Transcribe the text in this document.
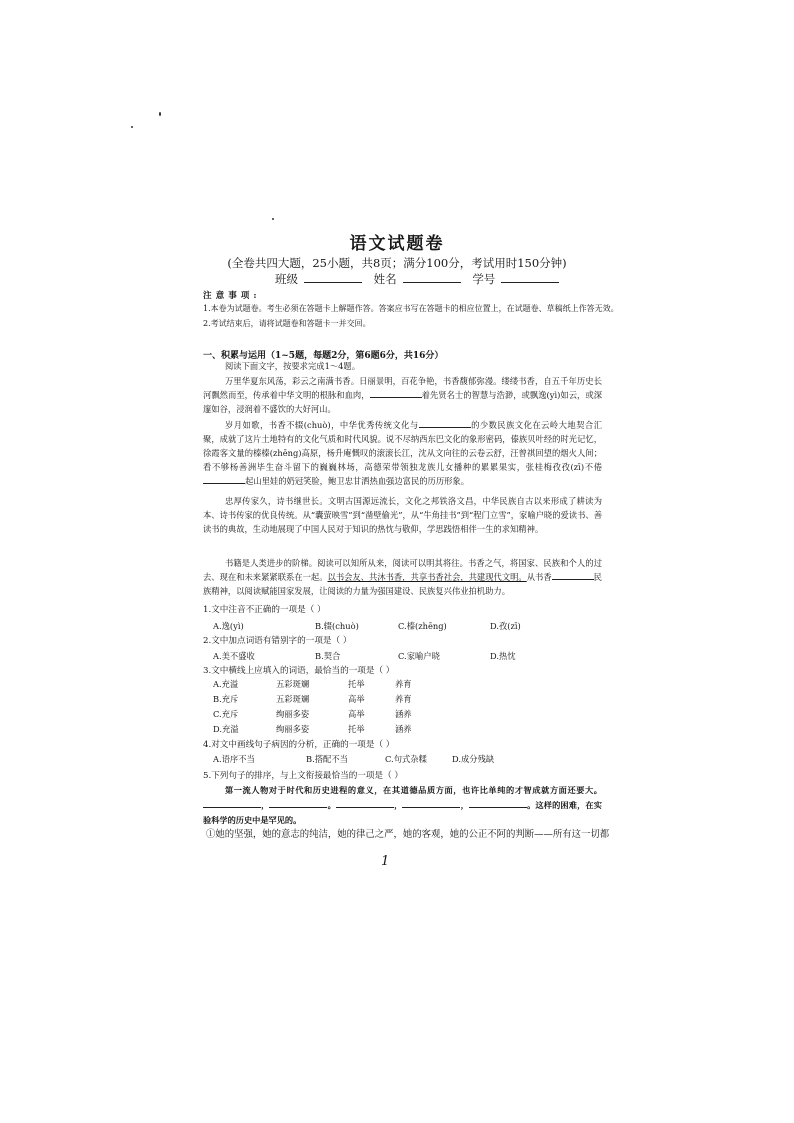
语文试题卷
(全卷共四大题，25小题，共8页；满分100分，考试用时150分钟)
班级	姓名	学号
注意事项:
1.本卷为试题卷。考生必须在答题卡上解题作答。答案应书写在答题卡的相应位置上，在试题卷、草稿纸上作答无效。
2.考试结束后，请将试题卷和答题卡一并交回。
一、积累与运用（1~5题，每题2分，第6题6分，共16分）
阅读下面文字，按要求完成1～4题。
万里华夏东风荡，彩云之南满书香。日丽景明，百花争艳，书香馥郁弥漫。缕缕书香，自五千年历史长河飘然而至，传承着中华文明的根脉和血肉，	着先贤名士的智慧与浩渺，或飘逸(yì)如云，或深邃如谷，浸润着不盛饮的大好河山。
岁月如歌，书香不辍(chuò)，中华优秀传统文化与	的少数民族文化在云岭大地契合汇聚，成就了这片土地特有的文化气质和时代风貌。说不尽纳西东巴文化的象形密码，傣族贝叶经的时光记忆，徐霞客文量的榛榛(zhēng)高原，杨升庵慨叹的滚滚长江，沈从文向往的云卷云舒，汪曾祺回望的烟火人间；看不够杨善洲毕生奋斗留下的巍巍林场，高德荣带领独龙族儿女播种的累累果实，张桂梅孜孜(zī)不倦起山里娃的奶冠笑脸，鲍卫忠甘洒热血强边富民的历历形象。
忠厚传家久，诗书继世长。文明古国源远流长，文化之邦铁洛文昌，中华民族自古以来形成了耕读为本、诗书传家的优良传统。从“囊萤映雪”到“凿壁偷光”，从“牛角挂书”到“程门立雪”，家喻户晓的爱读书、善读书的典故，生动地展现了中国人民对于知识的热忱与敬仰，学思践悟相伴一生的求知精神。
书籍是人类进步的阶梯。阅读可以知所从来，阅读可以明其将往。书香之气，将国家、民族和个人的过去、现在和未来紧紧联系在一起。以书会友、共沐书香，共享书香社会，共建现代文明。从书香	民族精神，以阅读赋能国家发展，让阅读的力量为强国建设、民族复兴伟业拍机助力。
1.文中注音不正确的一项是（ ）
A.逸(yì)	B.辍(chuò)	C.榛(zhēng)	D.孜(zī)
2.文中加点词语有错别字的一项是（ ）
A.美不盛收	B.契合	C.家喻户晓	D.热忱
3.文中横线上应填入的词语，最恰当的一项是（ ）
A.充溢	五彩斑斓	托举	养育
B.充斥	五彩斑斓	高举	养育
C.充斥	绚丽多姿	高举	涵养
D.充溢	绚丽多姿	托举	涵养
4.对文中画线句子病因的分析，正确的一项是（ ）
A.语序不当	B.搭配不当	C.句式杂糅	D.成分残缺
5.下列句子的排序，与上文衔接最恰当的一项是（ ）
第一流人物对于时代和历史进程的意义，在其道德品质方面，也许比单纯的才智成就方面还要大。，	。	，	，	。这样的困难，在实验科学的历史中是罕见的。
①她的坚强，她的意志的纯洁，她的律己之严，她的客观，她的公正不阿的判断——所有这一切都
1
